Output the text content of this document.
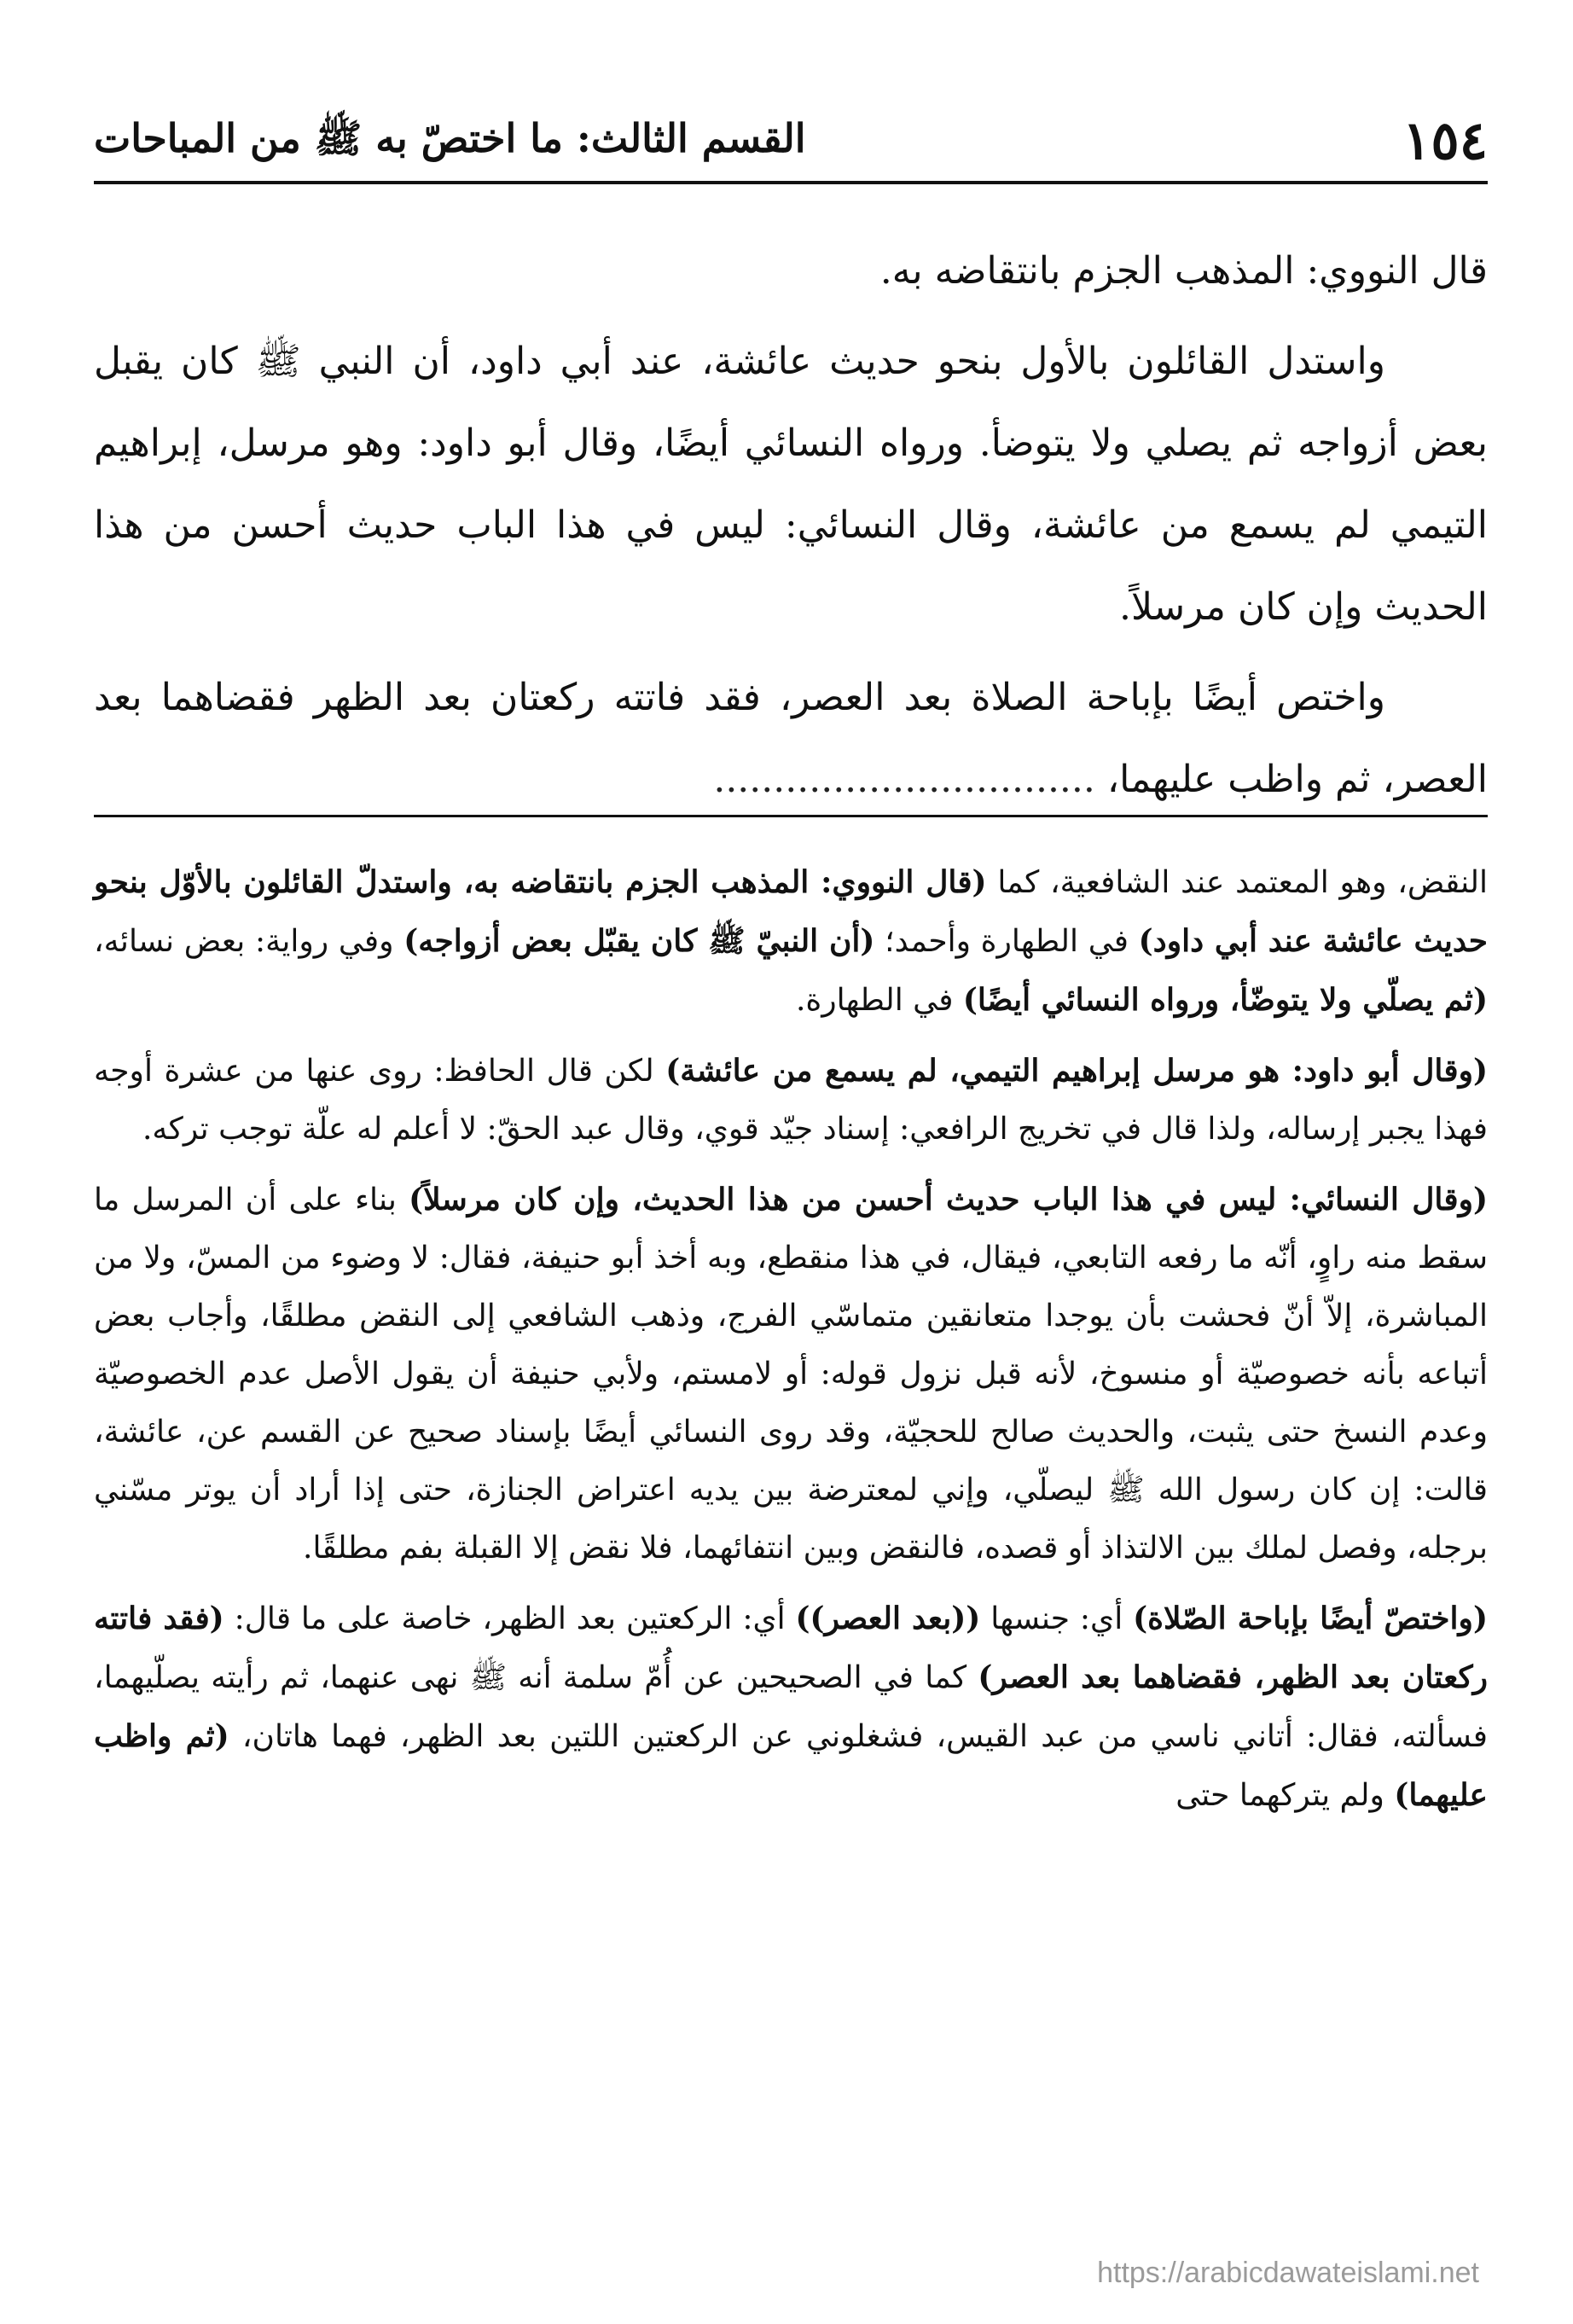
١٥٤
القسم الثالث: ما اختصّ به ﷺ من المباحات

قال النووي: المذهب الجزم بانتقاضه به.

واستدل القائلون بالأول بنحو حديث عائشة، عند أبي داود، أن النبي ﷺ كان يقبل بعض أزواجه ثم يصلي ولا يتوضأ. ورواه النسائي أيضًا، وقال أبو داود: وهو مرسل، إبراهيم التيمي لم يسمع من عائشة، وقال النسائي: ليس في هذا الباب حديث أحسن من هذا الحديث وإن كان مرسلاً.

واختص أيضًا بإباحة الصلاة بعد العصر، فقد فاتته ركعتان بعد الظهر فقضاهما بعد العصر، ثم واظب عليهما، ................................

النقض، وهو المعتمد عند الشافعية، كما (قال النووي: المذهب الجزم بانتقاضه به، واستدلّ القائلون بالأوّل بنحو حديث عائشة عند أبي داود) في الطهارة وأحمد؛ (أن النبيّ ﷺ كان يقبّل بعض أزواجه) وفي رواية: بعض نسائه، (ثم يصلّي ولا يتوضّأ، ورواه النسائي أيضًا) في الطهارة.

(وقال أبو داود: هو مرسل إبراهيم التيمي، لم يسمع من عائشة) لكن قال الحافظ: روى عنها من عشرة أوجه فهذا يجبر إرساله، ولذا قال في تخريج الرافعي: إسناد جيّد قوي، وقال عبد الحقّ: لا أعلم له علّة توجب تركه.

(وقال النسائي: ليس في هذا الباب حديث أحسن من هذا الحديث، وإن كان مرسلاً) بناء على أن المرسل ما سقط منه راوٍ، أنّه ما رفعه التابعي، فيقال، في هذا منقطع، وبه أخذ أبو حنيفة، فقال: لا وضوء من المسّ، ولا من المباشرة، إلاّ أنّ فحشت بأن يوجدا متعانقين متماسّي الفرج، وذهب الشافعي إلى النقض مطلقًا، وأجاب بعض أتباعه بأنه خصوصيّة أو منسوخ، لأنه قبل نزول قوله: أو لامستم، ولأبي حنيفة أن يقول الأصل عدم الخصوصيّة وعدم النسخ حتى يثبت، والحديث صالح للحجيّة، وقد روى النسائي أيضًا بإسناد صحيح عن القسم عن، عائشة، قالت: إن كان رسول الله ﷺ ليصلّي، وإني لمعترضة بين يديه اعتراض الجنازة، حتى إذا أراد أن يوتر مسّني برجله، وفصل لملك بين الالتذاذ أو قصده، فالنقض وبين انتفائهما، فلا نقض إلا القبلة بفم مطلقًا.

(واختصّ أيضًا بإباحة الصّلاة) أي: جنسها ((بعد العصر)) أي: الركعتين بعد الظهر، خاصة على ما قال: (فقد فاتته ركعتان بعد الظهر، فقضاهما بعد العصر) كما في الصحيحين عن أُمّ سلمة أنه ﷺ نهى عنهما، ثم رأيته يصلّيهما، فسألته، فقال: أتاني ناسي من عبد القيس، فشغلوني عن الركعتين اللتين بعد الظهر، فهما هاتان، (ثم واظب عليهما) ولم يتركهما حتى

https://arabicdawateislami.net
